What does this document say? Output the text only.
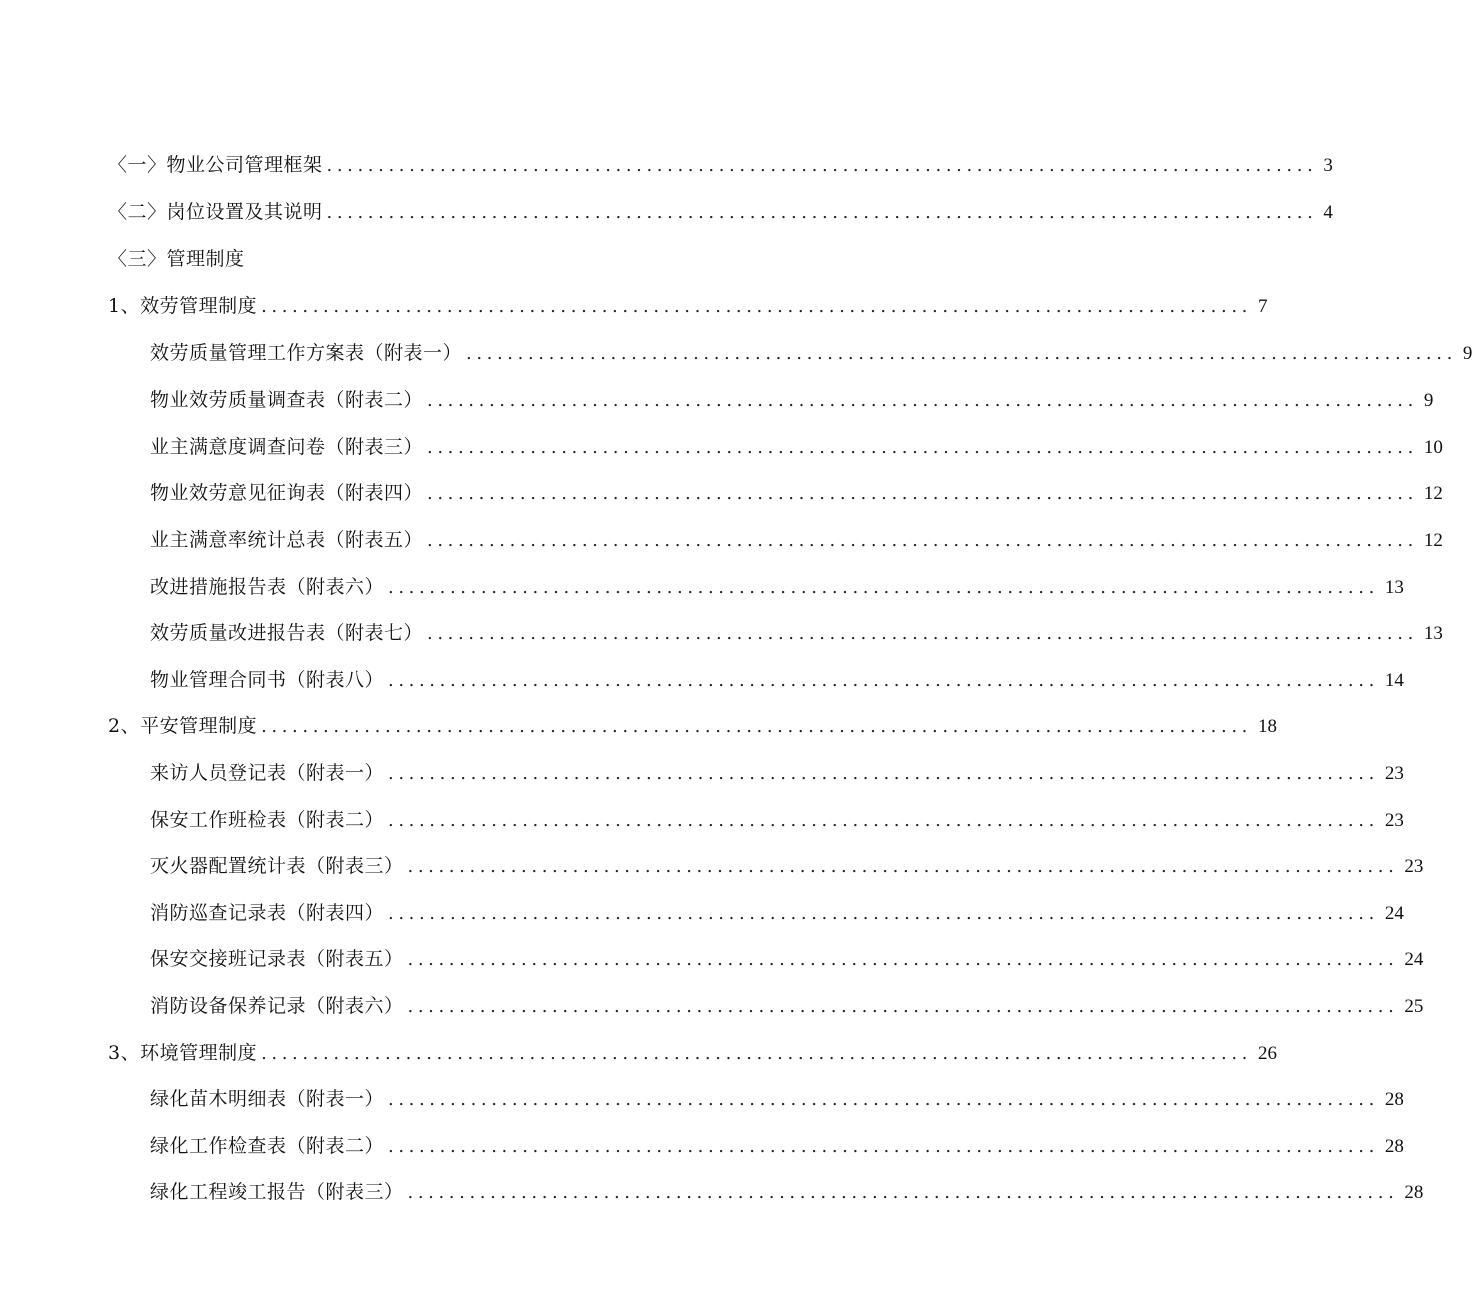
〈一〉物业公司管理框架 ................................................................................................ 3
〈二〉岗位设置及其说明 ................................................................................................ 4
〈三〉管理制度
1、效劳管理制度 ................................................................................................ 7
效劳质量管理工作方案表（附表一） ................................................................................................ 9
物业效劳质量调查表（附表二） ................................................................................................ 9
业主满意度调查问卷（附表三） ................................................................................................ 10
物业效劳意见征询表（附表四） ................................................................................................ 12
业主满意率统计总表（附表五） ................................................................................................ 12
改进措施报告表（附表六） ................................................................................................ 13
效劳质量改进报告表（附表七） ................................................................................................ 13
物业管理合同书（附表八） ................................................................................................ 14
2、平安管理制度 ................................................................................................ 18
来访人员登记表（附表一） ................................................................................................ 23
保安工作班检表（附表二） ................................................................................................ 23
灭火器配置统计表（附表三） ................................................................................................ 23
消防巡查记录表（附表四） ................................................................................................ 24
保安交接班记录表（附表五） ................................................................................................ 24
消防设备保养记录（附表六） ................................................................................................ 25
3、环境管理制度 ................................................................................................ 26
绿化苗木明细表（附表一） ................................................................................................ 28
绿化工作检查表（附表二） ................................................................................................ 28
绿化工程竣工报告（附表三） ................................................................................................ 28
